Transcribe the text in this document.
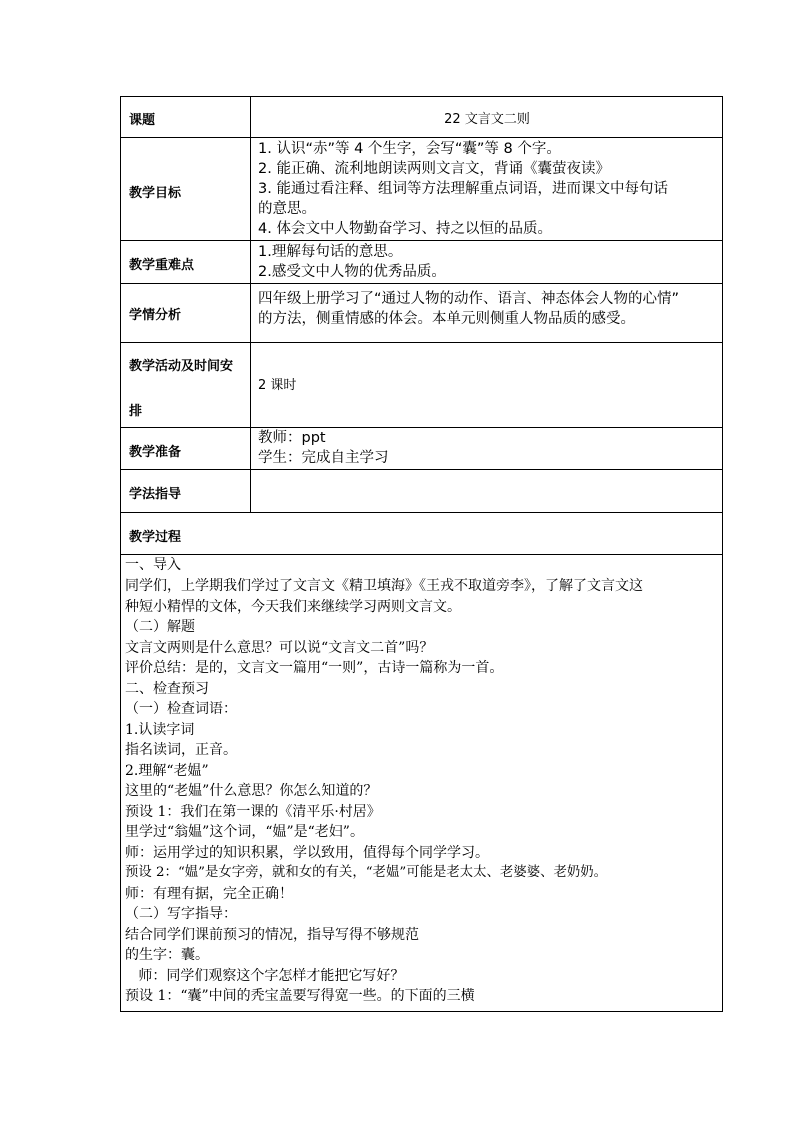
课题	22 文言文二则
教学目标
1. 认识“赤”等 4 个生字，会写“囊”等 8 个字。
2. 能正确、流利地朗读两则文言文，背诵《囊萤夜读》
3. 能通过看注释、组词等方法理解重点词语，进而课文中每句话
的意思。
4. 体会文中人物勤奋学习、持之以恒的品质。
教学重难点
1.理解每句话的意思。
2.感受文中人物的优秀品质。
学情分析
四年级上册学习了“通过人物的动作、语言、神态体会人物的心情”
的方法，侧重情感的体会。本单元则侧重人物品质的感受。
教学活动及时间安
排
2 课时
教学准备
教师：ppt
学生：完成自主学习
学法指导
教学过程
一、导入
同学们，上学期我们学过了文言文《精卫填海》《王戎不取道旁李》，了解了文言文这
种短小精悍的文体，今天我们来继续学习两则文言文。
（二）解题
文言文两则是什么意思？可以说“文言文二首”吗？
评价总结：是的，文言文一篇用“一则”，古诗一篇称为一首。
二、检查预习
（一）检查词语：
1.认读字词
指名读词，正音。
2.理解“老媪”
这里的“老媪”什么意思？你怎么知道的？
预设 1：我们在第一课的《清平乐·村居》
里学过“翁媪”这个词，“媪”是“老妇”。
师：运用学过的知识积累，学以致用，值得每个同学学习。
预设 2：“媪”是女字旁，就和女的有关，“老媪”可能是老太太、老婆婆、老奶奶。
师：有理有据，完全正确！
（二）写字指导：
结合同学们课前预习的情况，指导写得不够规范
的生字：囊。
师：同学们观察这个字怎样才能把它写好？
预设 1：“囊”中间的秃宝盖要写得宽一些。的下面的三横
